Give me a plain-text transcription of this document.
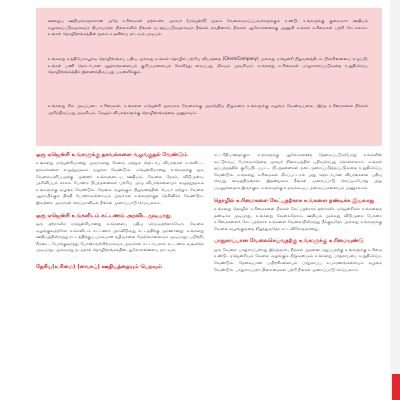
ஊழைய ஊதியங்களுக்கான அதே உரிமைகள் தற்காலிக முகவர் (ஏஜென்சி) மூலம் வேலைவாய்ப்பவர்களுக்கும் உண்டு. உங்களுக்கு குறைவாக ஊதியம் வழங்கப்படுவதாகவும் நியாயமற்ற நிலைகளில் நீங்கள் நடத்தப்படுவதாகவும் நீங்கள் கருதினால், நீங்கள் ஆலோசனைக்கு அணுகி உங்கள் உரிமைகள் பற்றி கேட்கலாம். உங்கள் தொழிற்சங்கத்தின் மூலம் உதவியை நாடவும் முடியும்.

உங்களது உத்தியோகபூர்வ தொழிற்சங்கப் பதிவு அல்லது உங்கள் தொழில் பற்றிய விபரத்தை (Client/Company) அல்லது ஏஜென்சி நிறுவனத்திடம் பிரச்சினையை எழுப்பி, உங்கள் பணி தொடர்பான ஆதாரங்களையும் குறிப்புகளையும் சேகரித்து வைப்பது மிகவும் அவசியம். உங்களது உரிமைகள் பாதுகாக்கப்படுவதை உறுதிசெய்ய தொழிற்சங்கத்தில் இணைந்திருப்பது பயனளிக்கும்.

உங்களது சில அடிப்படை உரிமைகள், உங்களை ஏஜென்சி மூலமாக வேலைக்கு அமர்த்திய நிறுவனம் உங்களுக்கு வழங்க வேண்டியவை. இந்த உரிமைகளை நீங்கள் அறிந்திருப்பது அவசியம். மேலும் விபரங்களுக்கு தொழிற்சங்கத்தை அணுகவும்.

ஒரு ஏஜென்சி உங்களுக்கு தகவல்களை வழங்குதல் வேண்டும்

உங்களது ஏஜென்சியானது அவர்களது சேவை மற்றும் தொடர்பு விபரங்கள் உள்ளிட்ட தகவல்களை எழுத்துமூலம் வழங்க வேண்டும். ஏஜென்சியானது உங்களுக்கு ஒரு வேலையளிப்பதற்கு முன்னர் உங்களுடைய ஊதியம், வேலை நேரம், விடுமுறை, அறிவிப்புக் காலம் போன்ற நிபந்தனைகள் பற்றிய முழு விபரங்களையும் எழுத்துமூலம் உங்களுக்கு வழங்க வேண்டும். வேலை வழங்கும் நிறுவனத்தின் பெயர் மற்றும் வேலை ஆரம்பிக்கும் திகதி போன்றவற்றையும் அவர்கள் உங்களுக்குத் தெரிவிக்க வேண்டும். இவற்றை அவர்கள் செய்யாவிடில் நீங்கள் முறைப்பாடு செய்யலாம்.

ஒரு ஏஜென்சி உங்களிடம் கட்டணம் அறவிட முடியாது

ஒரு தற்காலிக ஏஜென்சியானது உங்களைப் பதிவு செய்வதற்காகவோ, வேலை வழங்குவதற்கோ உங்களிடம் கட்டணம் அறவிடுவது சட்டத்திற்கு முரணானது. உங்களது ஊதியத்திலிருந்து சட்டத்திற்குப் புறம்பான கழிவுகளை மேற்கொள்ளவும் முடியாது. பயிற்சி, சீருடை, போக்குவரத்து போன்றவற்றிற்காகவும் அவர்கள் கட்டாயமாக கட்டணம் வசூலிக்க முடியாது. அவ்வாறு நடந்தால் தொழிற்சங்கத்தின் ஆலோசனையை நாடவும்.

தேசிய(உரிமை) (வைகப்) ஊதியத்தையும் பெறவும்

சட்டரீதியானதாகும். உங்களுக்கு ஆலோசனைத் தேவைப்படும்போது உங்களின் கூட்டுறவுப் பேச்சுவார்த்தை முகவர் நிலையத்தில் பதிவுசெய்து கொள்ளலாம். உங்கள் ஒப்பந்தத்தில் குறிப்பிடப்பட்ட நிபந்தனைகள் நடைமுறைப்படுத்தப்படுவதை உறுதிசெய்ய வேண்டும். உங்களது உரிமைகள் மீறப்பட்டால் அது தொடர்பான விபரங்களை பதிவு செய்து வைத்திருங்கள். இதன்மூலம் நீங்கள் முறைப்பாடு செய்யும்போது அது பயனுள்ளதாக இருக்கும். உங்களுக்கு உதவக்கூடிய அமைப்புகளையும் அணுகலாம்.

தொழில் உரிமைகளை கேட்பதற்காக உங்களை தண்டிக்க இயலாது

உங்களது தொழில் உரிமைகளை நீங்கள் கேட்பதற்காக தற்காலிக ஏஜென்சிகள் உங்களைத் தண்டிக்க முடியாது. உங்களது வேலைநேரம், ஊதியம் அல்லது விடுமுறை போன்ற உரிமைகளைக் கேட்பதற்காக உங்களை வேலையிலிருந்து நீக்குவதோ அல்லது உங்களுக்கு வேலை வழங்குவதை நிறுத்துவதோ சட்டவிரோதமானது.

பாதுகாப்பான வேலைசெய்வதற்கு உங்களுக்கு உரிமையுண்டு

ஒரு வேலை பாதுகாப்பற்றது இருந்தால், நீங்கள் அதனை மறுப்பதற்கு உங்களுக்கு உரிமை உண்டு. ஏஜென்சியும் வேலை வழங்கும் நிறுவனமும் உங்களது பாதுகாப்பை உறுதிசெய்ய வேண்டும். தேவையான பயிற்சிகளையும் பாதுகாப்பு உபகரணங்களையும் வழங்க வேண்டும். பாதுகாப்பற்ற நிலைமைகள் பற்றி நீங்கள் முறைப்பாடு செய்யலாம்.
